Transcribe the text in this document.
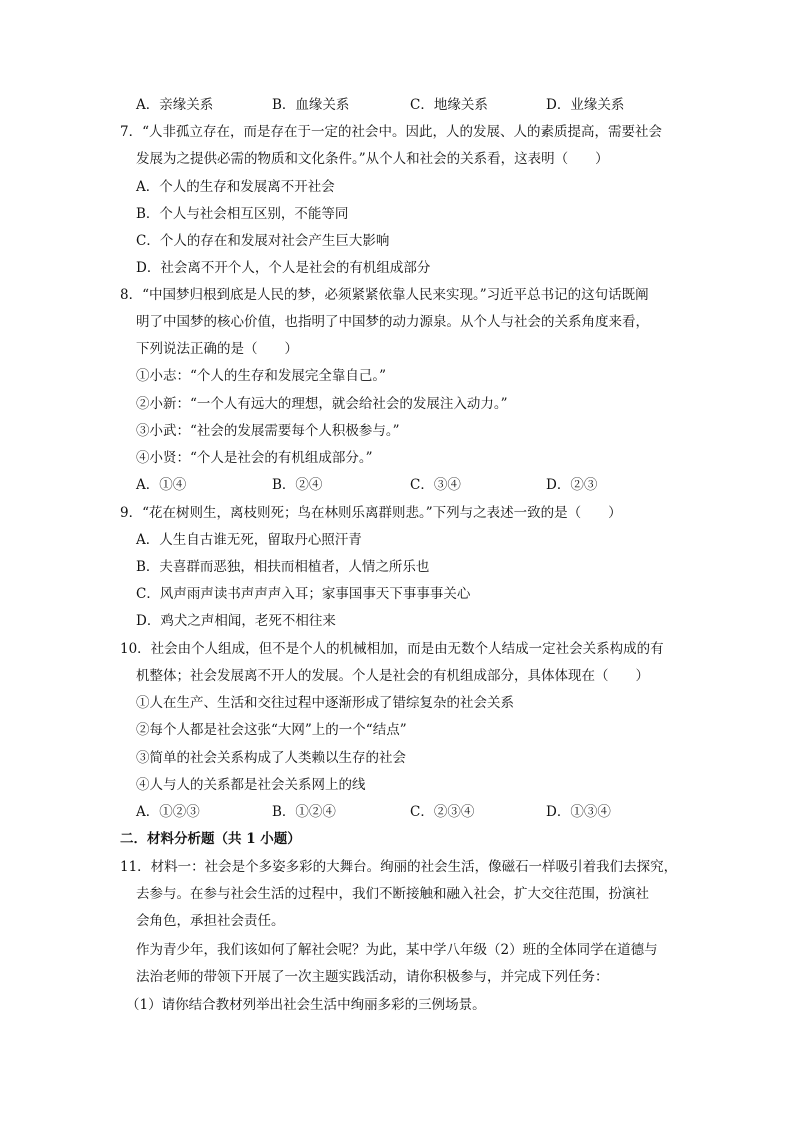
A．亲缘关系	B．血缘关系	C．地缘关系	D．业缘关系
7．“人非孤立存在，而是存在于一定的社会中。因此，人的发展、人的素质提高，需要社会
发展为之提供必需的物质和文化条件。”从个人和社会的关系看，这表明（　　）
A．个人的生存和发展离不开社会
B．个人与社会相互区别，不能等同
C．个人的存在和发展对社会产生巨大影响
D．社会离不开个人，个人是社会的有机组成部分
8．“中国梦归根到底是人民的梦，必须紧紧依靠人民来实现。”习近平总书记的这句话既阐
明了中国梦的核心价值，也指明了中国梦的动力源泉。从个人与社会的关系角度来看，
下列说法正确的是（　　）
①小志：“个人的生存和发展完全靠自己。”
②小新：“一个人有远大的理想，就会给社会的发展注入动力。”
③小武：“社会的发展需要每个人积极参与。”
④小贤：“个人是社会的有机组成部分。”
A．①④	B．②④	C．③④	D．②③
9．“花在树则生，离枝则死；鸟在林则乐离群则悲。”下列与之表述一致的是（　　）
A．人生自古谁无死，留取丹心照汗青
B．夫喜群而恶独，相扶而相植者，人情之所乐也
C．风声雨声读书声声声入耳；家事国事天下事事事关心
D．鸡犬之声相闻，老死不相往来
10．社会由个人组成，但不是个人的机械相加，而是由无数个人结成一定社会关系构成的有
机整体；社会发展离不开人的发展。个人是社会的有机组成部分，具体体现在（　　）
①人在生产、生活和交往过程中逐渐形成了错综复杂的社会关系
②每个人都是社会这张“大网”上的一个“结点”
③简单的社会关系构成了人类赖以生存的社会
④人与人的关系都是社会关系网上的线
A．①②③	B．①②④	C．②③④	D．①③④
二．材料分析题（共 1 小题）
11．材料一：社会是个多姿多彩的大舞台。绚丽的社会生活，像磁石一样吸引着我们去探究，
去参与。在参与社会生活的过程中，我们不断接触和融入社会，扩大交往范围，扮演社
会角色，承担社会责任。
作为青少年，我们该如何了解社会呢？为此，某中学八年级（2）班的全体同学在道德与
法治老师的带领下开展了一次主题实践活动，请你积极参与，并完成下列任务：
（1）请你结合教材列举出社会生活中绚丽多彩的三例场景。
